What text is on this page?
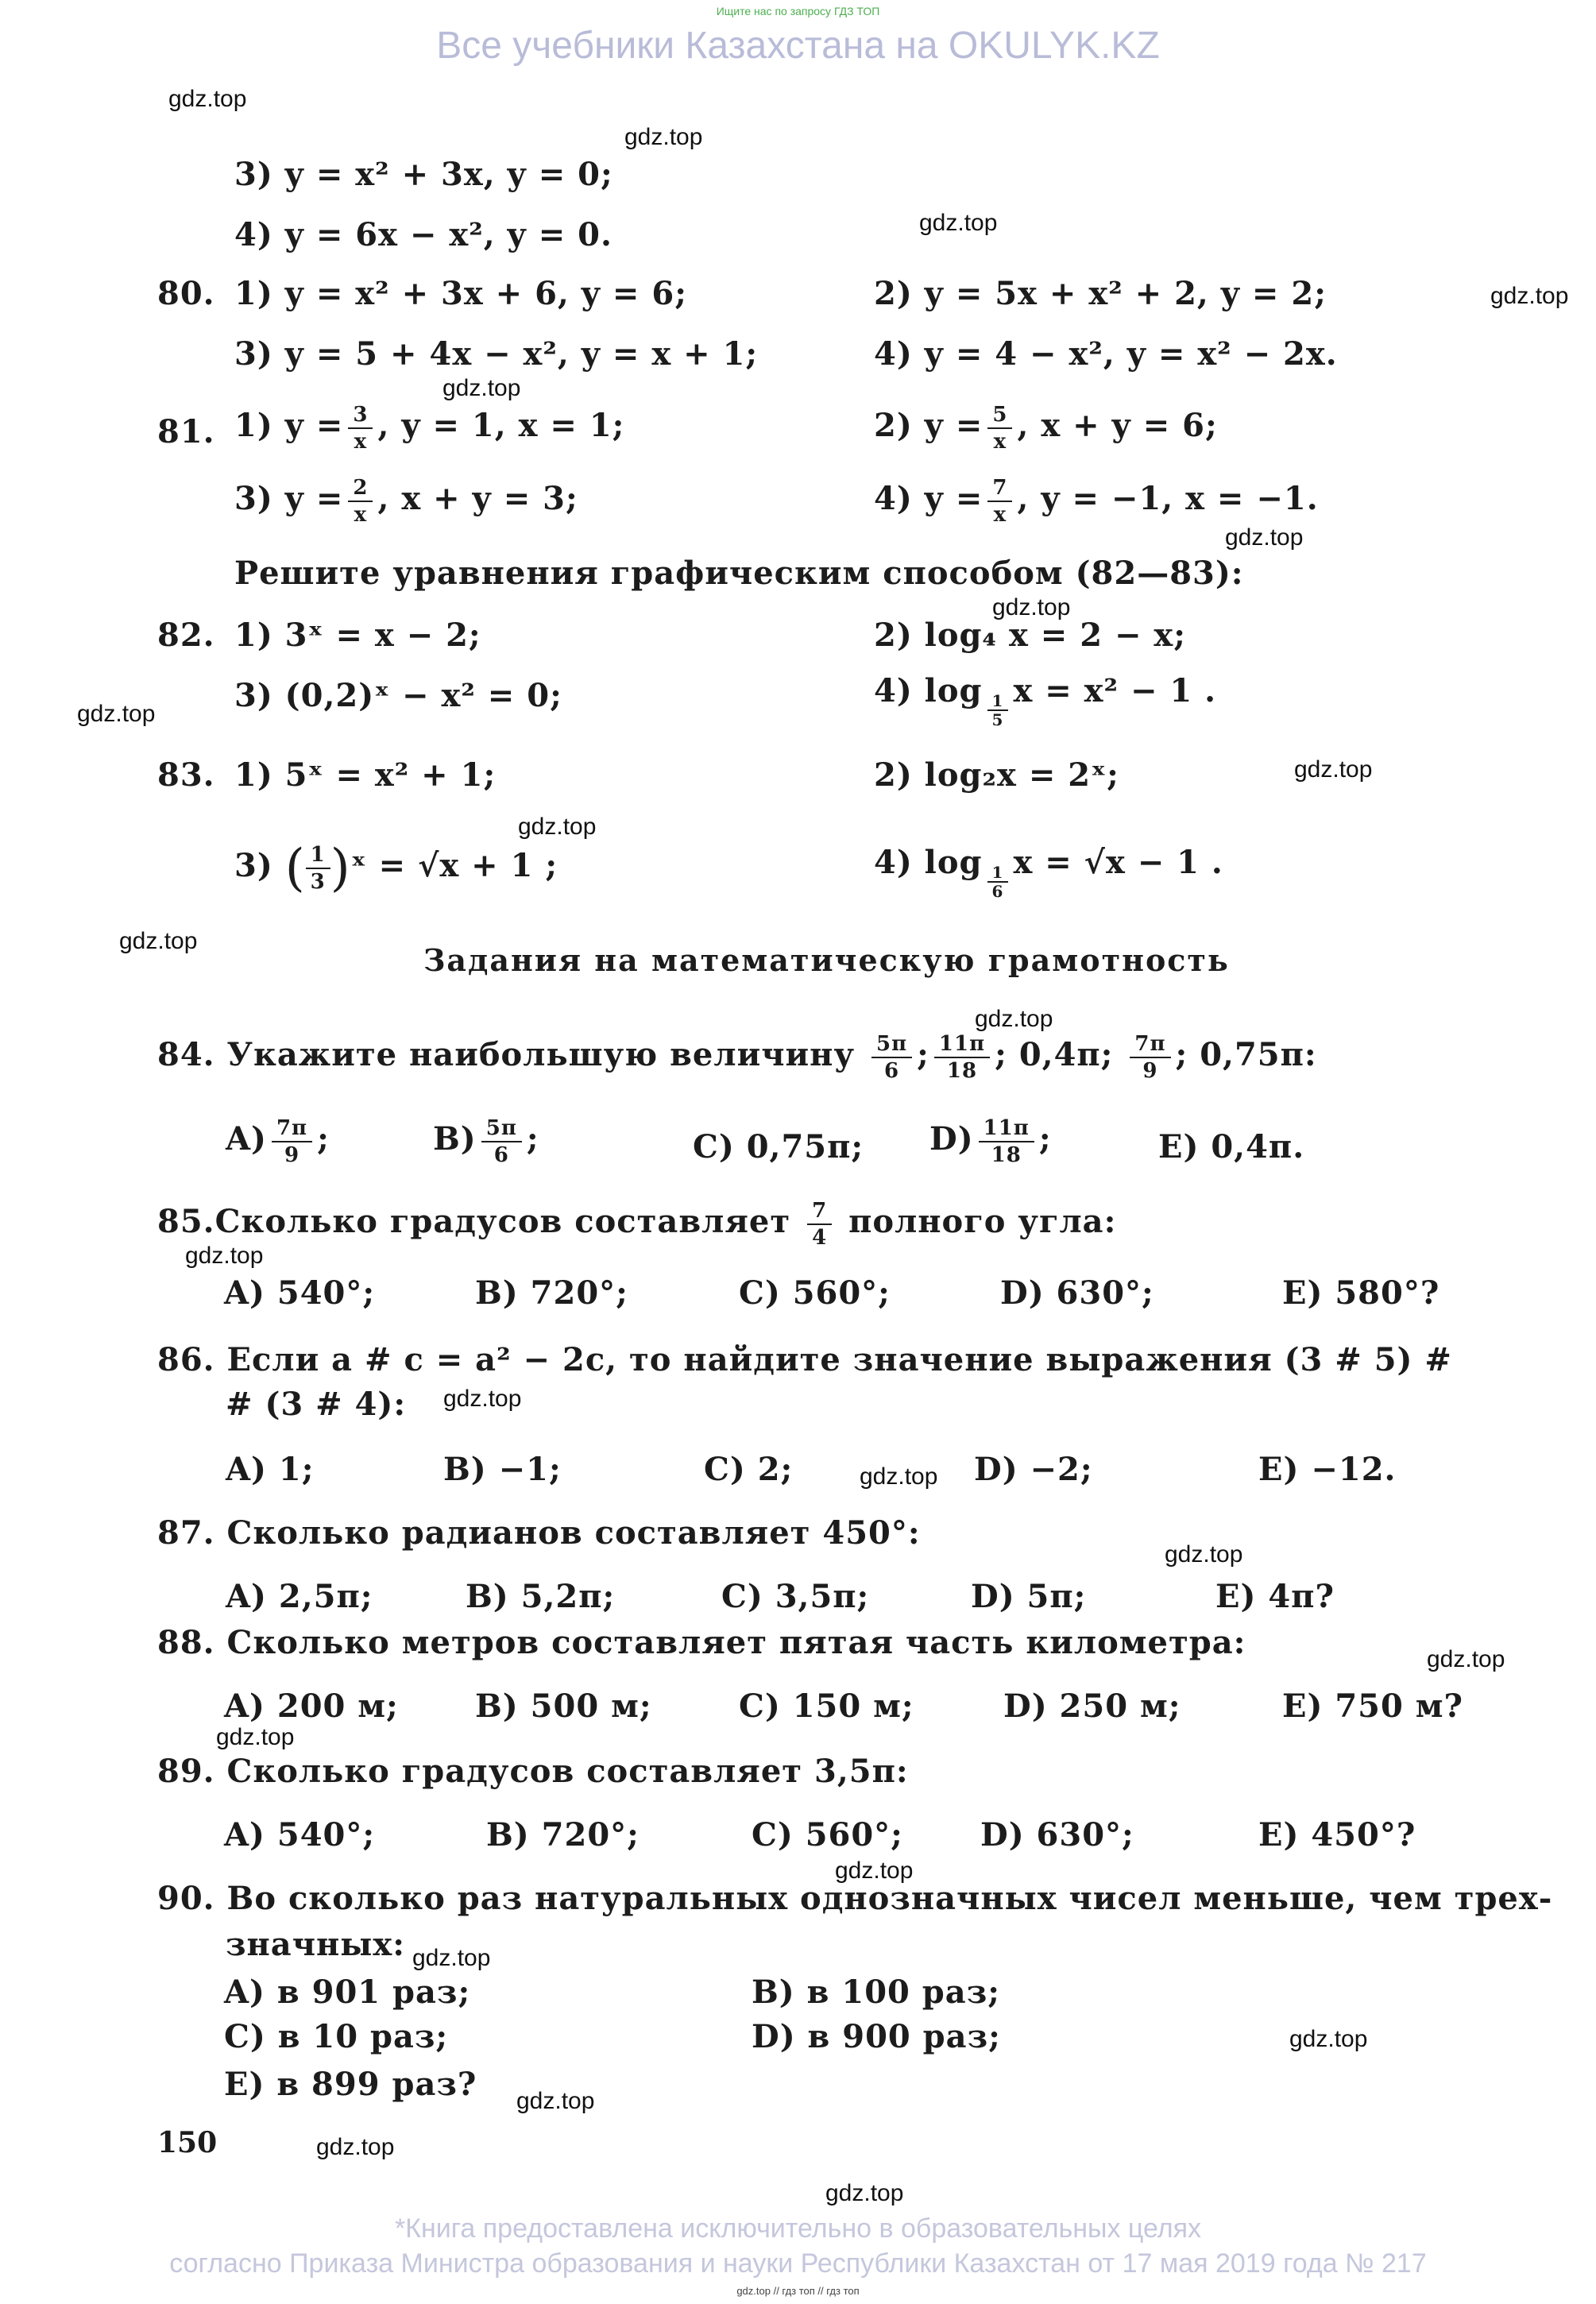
Ищите нас по запросу ГДЗ ТОП
Все учебники Казахстана на OKULYK.KZ
gdz.top
gdz.top
gdz.top
gdz.top
gdz.top
gdz.top
gdz.top
gdz.top
gdz.top
gdz.top
gdz.top
gdz.top
gdz.top
gdz.top
gdz.top
gdz.top
gdz.top
gdz.top
gdz.top
gdz.top
gdz.top
gdz.top
gdz.top
gdz.top
3) y = x² + 3x, y = 0;
4) y = 6x − x², y = 0.
80. 1) y = x² + 3x + 6, y = 6;	2) y = 5x + x² + 2, y = 2;
3) y = 5 + 4x − x², y = x + 1;	4) y = 4 − x², y = x² − 2x.
81. 1) $y = \frac{3}{x}$ , y = 1, x = 1;	2) $y = \frac{5}{x}$ , x + y = 6;
3) $y = \frac{2}{x}$ , x + y = 3;	4) $y = \frac{7}{x}$ , y = −1, x = −1.
Решите уравнения графическим способом (82—83):
82. 1) 3ˣ = x − 2;	2) log₄ x = 2 − x;
3) (0,2)ˣ − x² = 0;	4) log
$\frac{1}{5}$
x = x² − 1 .
83. 1) 5ˣ = x² + 1;	2) log₂x = 2ˣ;
3) ( $\frac{1}{3}$ )ˣ = √x + 1 ;	4) log
$\frac{1}{6}$
x = √x − 1 .
Задания на математическую грамотность
84. Укажите наибольшую величину $\frac{5\pi}{6}$ ; $\frac{11\pi}{18}$ ; 0,4π; $\frac{7\pi}{9}$ ; 0,75π:
$A) \frac{7\pi}{9}$ ;	$B) \frac{5\pi}{6}$ ;	C) 0,75π; $D) \frac{11\pi}{18}$ ;	E) 0,4π.
85.Сколько градусов составляет $\frac{7}{4}$ полного угла:
A) 540°;	B) 720°;	C) 560°;	D) 630°;	E) 580°?
86. Если a # c = a² − 2c, то найдите значение выражения (3 # 5) #
# (3 # 4):
A) 1;	B) −1;	C) 2;	D) −2;	E) −12.
87. Сколько радианов составляет 450°:
A) 2,5π;	B) 5,2π;	C) 3,5π;	D) 5π;	E) 4π?
88. Сколько метров составляет пятая часть километра:
A) 200 м; B) 500 м;	C) 150 м;	D) 250 м;	E) 750 м?
89. Сколько градусов составляет 3,5π:
A) 540°;	B) 720°;	C) 560°; D) 630°;	E) 450°?
90. Во сколько раз натуральных однозначных чисел меньше, чем трех-
значных:
A) в 901 раз;	B) в 100 раз;
C) в 10 раз;	D) в 900 раз;
E) в 899 раз?
150
*Книга предоставлена исключительно в образовательных целях
согласно Приказа Министра образования и науки Республики Казахстан от 17 мая 2019 года № 217
gdz.top // гдз топ // гдз топ
